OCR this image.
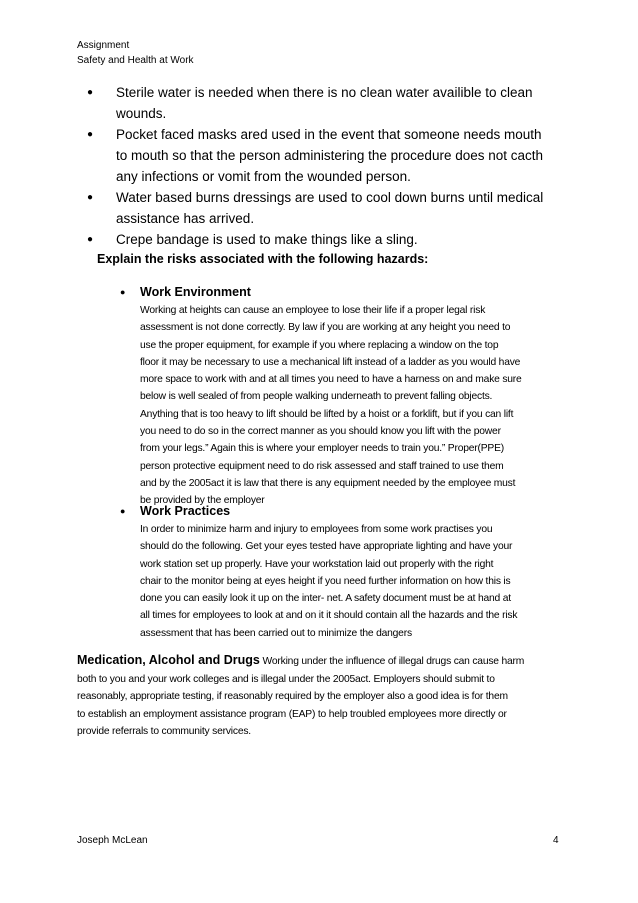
Assignment
Safety and Health at Work
● Sterile water is needed when there is no clean water availible to clean
wounds.
● Pocket faced masks ared used in the event that someone needs mouth
to mouth so that the person administering the procedure does not cacth
any infections or vomit from the wounded person.
● Water based burns dressings are used to cool down burns until medical
assistance has arrived.
● Crepe bandage is used to make things like a sling.
Explain the risks associated with the following hazards:
● Work Environment
Working at heights can cause an employee to lose their life if a proper legal risk
assessment is not done correctly. By law if you are working at any height you need to
use the proper equipment, for example if you where replacing a window on the top
floor it may be necessary to use a mechanical lift instead of a ladder as you would have
more space to work with and at all times you need to have a harness on and make sure
below is well sealed of from people walking underneath to prevent falling objects.
Anything that is too heavy to lift should be lifted by a hoist or a forklift, but if you can lift
you need to do so in the correct manner as you should know you lift with the power
from your legs.” Again this is where your employer needs to train you.” Proper(PPE)
person protective equipment need to do risk assessed and staff trained to use them
and by the 2005act it is law that there is any equipment needed by the employee must
be provided by the employer
● Work Practices
In order to minimize harm and injury to employees from some work practises you
should do the following. Get your eyes tested have appropriate lighting and have your
work station set up properly. Have your workstation laid out properly with the right
chair to the monitor being at eyes height if you need further information on how this is
done you can easily look it up on the inter- net. A safety document must be at hand at
all times for employees to look at and on it it should contain all the hazards and the risk
assessment that has been carried out to minimize the dangers
Medication, Alcohol and Drugs Working under the influence of illegal drugs can cause harm
both to you and your work colleges and is illegal under the 2005act. Employers should submit to
reasonably, appropriate testing, if reasonably required by the employer also a good idea is for them
to establish an employment assistance program (EAP) to help troubled employees more directly or
provide referrals to community services.
Joseph McLean	4
